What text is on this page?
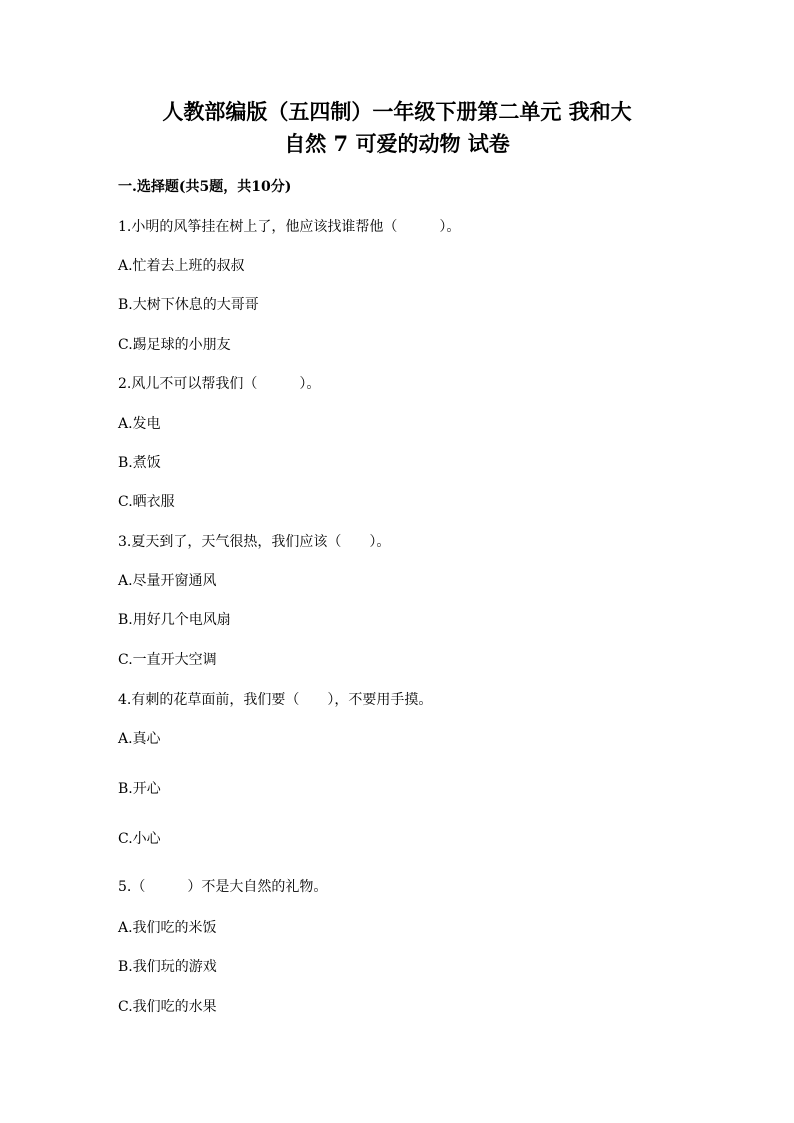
人教部编版（五四制）一年级下册第二单元 我和大
自然 7 可爱的动物 试卷
一.选择题(共5题，共10分)
1.小明的风筝挂在树上了，他应该找谁帮他（　　　）。
A.忙着去上班的叔叔
B.大树下休息的大哥哥
C.踢足球的小朋友
2.风儿不可以帮我们（　　　）。
A.发电
B.煮饭
C.晒衣服
3.夏天到了，天气很热，我们应该（　　）。
A.尽量开窗通风
B.用好几个电风扇
C.一直开大空调
4.有刺的花草面前，我们要（　　），不要用手摸。
A.真心
B.开心
C.小心
5.（　　　）不是大自然的礼物。
A.我们吃的米饭
B.我们玩的游戏
C.我们吃的水果
